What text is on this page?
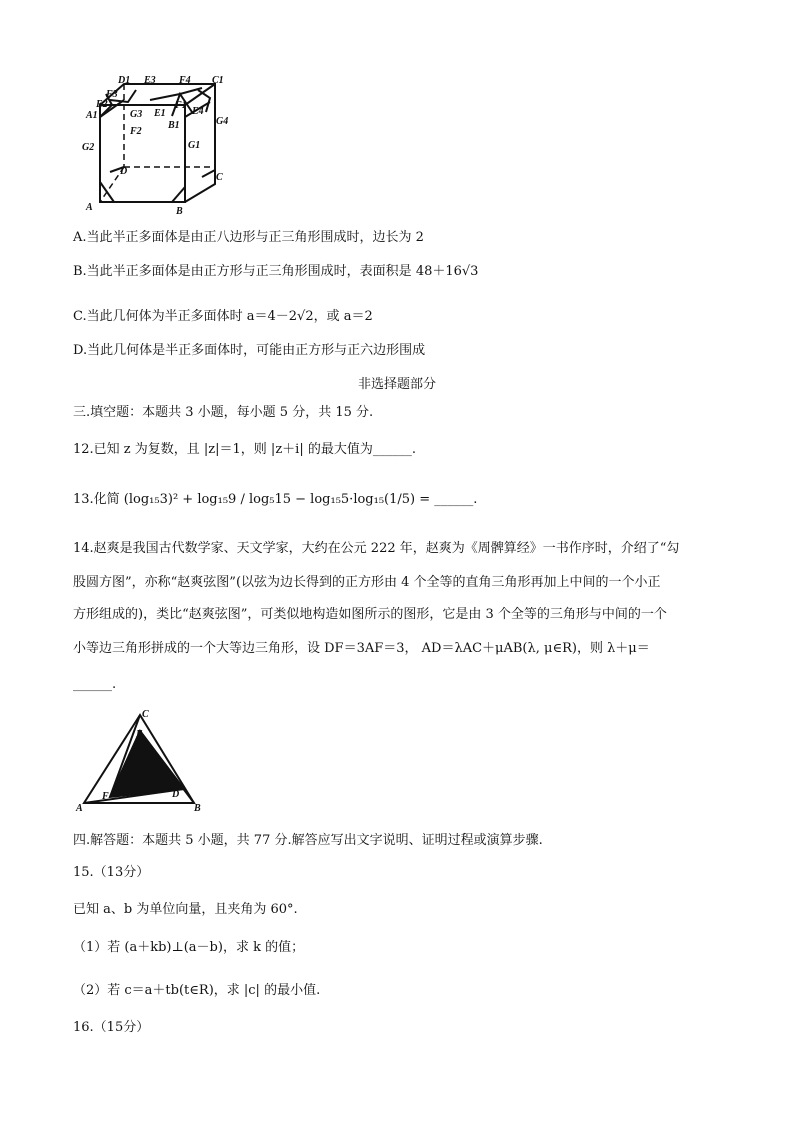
D1 E3 F4 C1
F3
E2
A1	G3 E1
F1
B1
E4
G4
F2
G2	G1
D
C
A	B
A.当此半正多面体是由正八边形与正三角形围成时，边长为 2
B.当此半正多面体是由正方形与正三角形围成时，表面积是 48＋16√3
C.当此几何体为半正多面体时 a＝4－2√2，或 a＝2
D.当此几何体是半正多面体时，可能由正方形与正六边形围成
非选择题部分
三.填空题：本题共 3 小题，每小题 5 分，共 15 分.
12.已知 z 为复数，且 |z|＝1，则 |z＋i| 的最大值为______.
13.化简 (log₁₅3)² + log₁₅9 / log₅15 − log₁₅5·log₁₅(1/5) = ______.
14.赵爽是我国古代数学家、天文学家，大约在公元 222 年，赵爽为《周髀算经》一书作序时，介绍了“勾
股圆方图”，亦称“赵爽弦图”(以弦为边长得到的正方形由 4 个全等的直角三角形再加上中间的一个小正
方形组成的)，类比“赵爽弦图”，可类似地构造如图所示的图形，它是由 3 个全等的三角形与中间的一个
小等边三角形拼成的一个大等边三角形，设 DF＝3AF＝3， AD＝λAC＋μAB(λ, μ∈R)，则 λ＋μ＝
______.
C
E
F	D
A	B
四.解答题：本题共 5 小题，共 77 分.解答应写出文字说明、证明过程或演算步骤.
15.（13分）
已知 a、b 为单位向量，且夹角为 60°.
（1）若 (a＋kb)⊥(a－b)，求 k 的值；
（2）若 c＝a＋tb(t∈R)，求 |c| 的最小值.
16.（15分）
